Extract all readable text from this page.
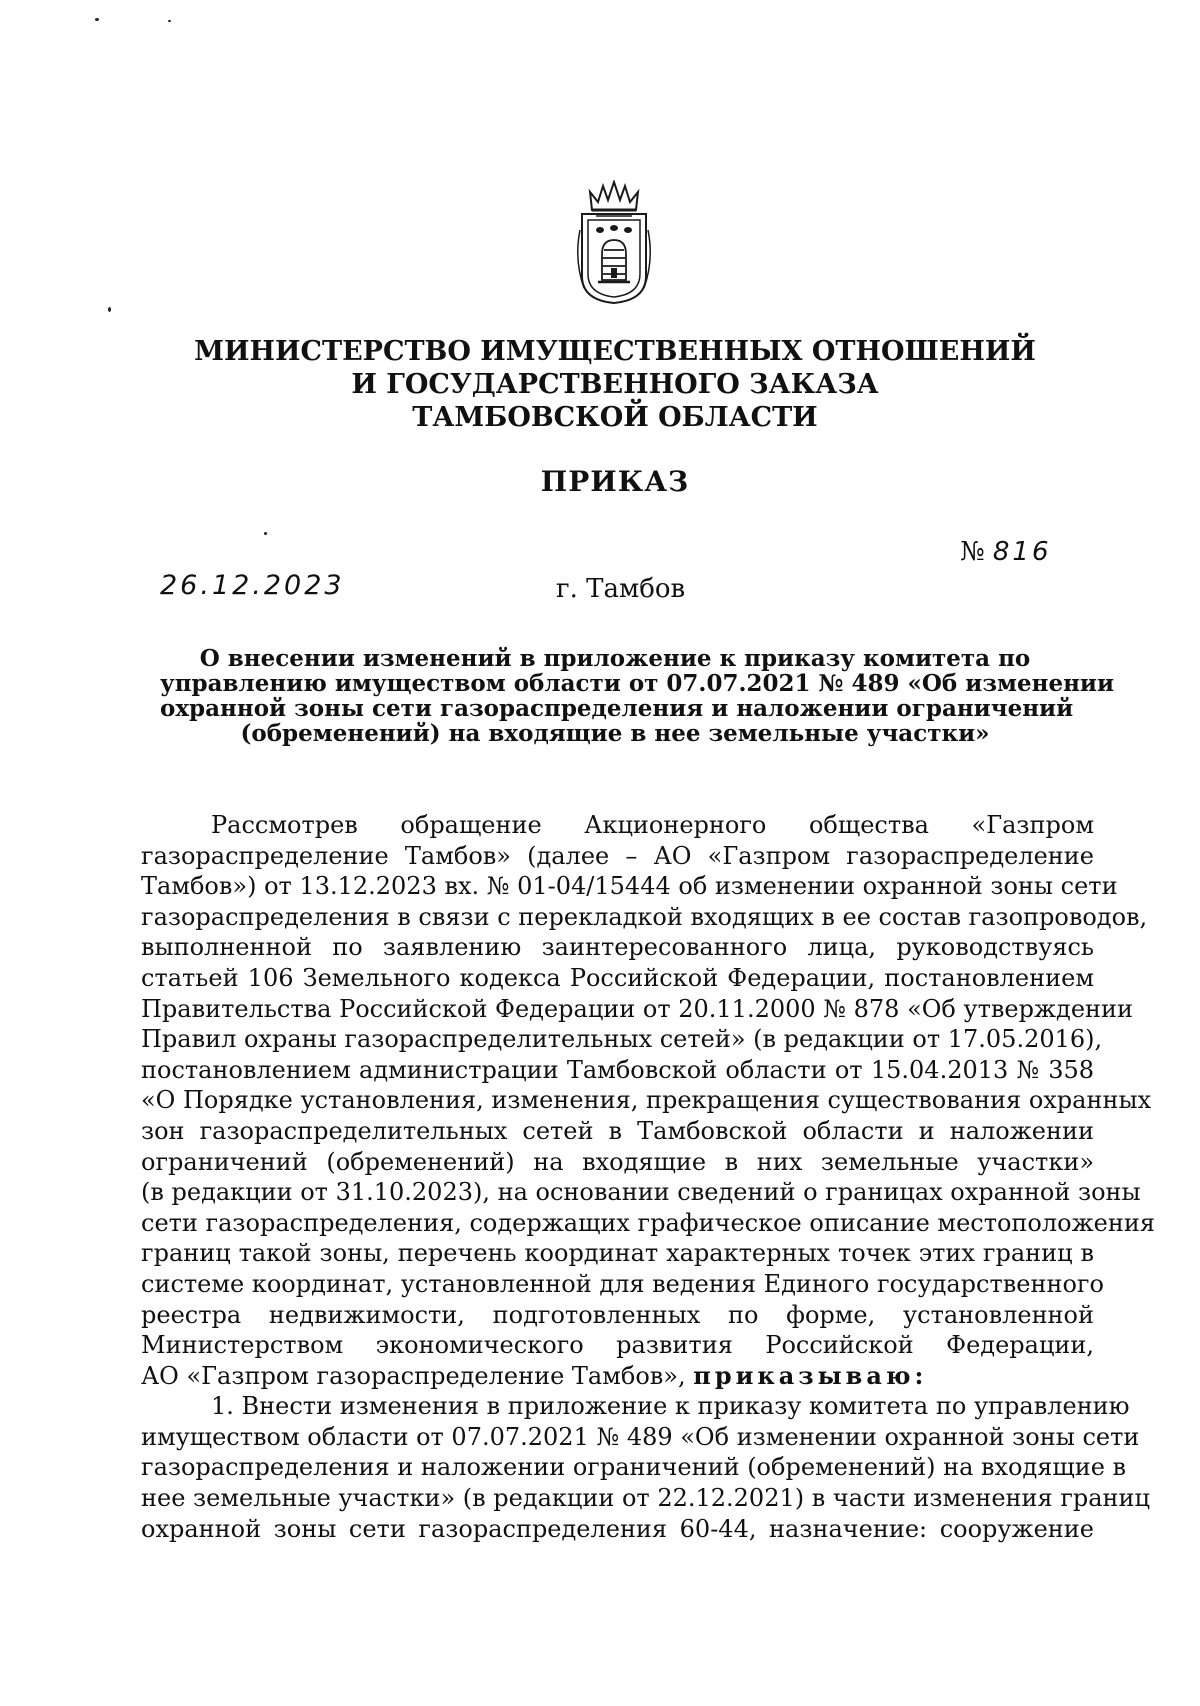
МИНИСТЕРСТВО ИМУЩЕСТВЕННЫХ ОТНОШЕНИЙ
И ГОСУДАРСТВЕННОГО ЗАКАЗА
ТАМБОВСКОЙ ОБЛАСТИ
ПРИКАЗ
№ 816
26.12.2023	г. Тамбов
О внесении изменений в приложение к приказу комитета по
управлению имуществом области от 07.07.2021 № 489 «Об изменении
охранной зоны сети газораспределения и наложении ограничений
(обременений) на входящие в нее земельные участки»
Рассмотрев обращение Акционерного общества «Газпром
газораспределение Тамбов» (далее – АО «Газпром газораспределение
Тамбов») от 13.12.2023 вх. № 01-04/15444 об изменении охранной зоны сети
газораспределения в связи с перекладкой входящих в ее состав газопроводов,
выполненной по заявлению заинтересованного лица, руководствуясь
статьей 106 Земельного кодекса Российской Федерации, постановлением
Правительства Российской Федерации от 20.11.2000 № 878 «Об утверждении
Правил охраны газораспределительных сетей» (в редакции от 17.05.2016),
постановлением администрации Тамбовской области от 15.04.2013 № 358
«О Порядке установления, изменения, прекращения существования охранных
зон газораспределительных сетей в Тамбовской области и наложении
ограничений (обременений) на входящие в них земельные участки»
(в редакции от 31.10.2023), на основании сведений о границах охранной зоны
сети газораспределения, содержащих графическое описание местоположения
границ такой зоны, перечень координат характерных точек этих границ в
системе координат, установленной для ведения Единого государственного
реестра недвижимости, подготовленных по форме, установленной
Министерством экономического развития Российской Федерации,
АО «Газпром газораспределение Тамбов», приказываю:
1. Внести изменения в приложение к приказу комитета по управлению
имуществом области от 07.07.2021 № 489 «Об изменении охранной зоны сети
газораспределения и наложении ограничений (обременений) на входящие в
нее земельные участки» (в редакции от 22.12.2021) в части изменения границ
охранной зоны сети газораспределения 60-44, назначение: сооружение
